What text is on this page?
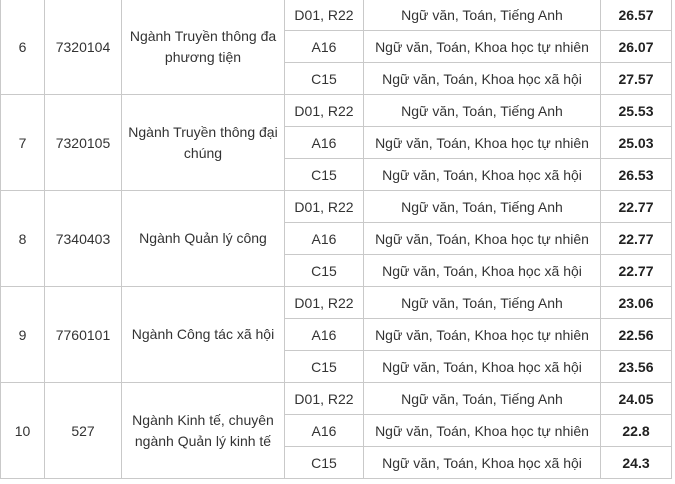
6	7320104	Ngành Truyền thông đa phương tiện	D01, R22	Ngữ văn, Toán, Tiếng Anh	26.57
			A16	Ngữ văn, Toán, Khoa học tự nhiên	26.07
			C15	Ngữ văn, Toán, Khoa học xã hội	27.57
7	7320105	Ngành Truyền thông đại chúng	D01, R22	Ngữ văn, Toán, Tiếng Anh	25.53
			A16	Ngữ văn, Toán, Khoa học tự nhiên	25.03
			C15	Ngữ văn, Toán, Khoa học xã hội	26.53
8	7340403	Ngành Quản lý công	D01, R22	Ngữ văn, Toán, Tiếng Anh	22.77
			A16	Ngữ văn, Toán, Khoa học tự nhiên	22.77
			C15	Ngữ văn, Toán, Khoa học xã hội	22.77
9	7760101	Ngành Công tác xã hội	D01, R22	Ngữ văn, Toán, Tiếng Anh	23.06
			A16	Ngữ văn, Toán, Khoa học tự nhiên	22.56
			C15	Ngữ văn, Toán, Khoa học xã hội	23.56
10	527	Ngành Kinh tế, chuyên ngành Quản lý kinh tế	D01, R22	Ngữ văn, Toán, Tiếng Anh	24.05
			A16	Ngữ văn, Toán, Khoa học tự nhiên	22.8
			C15	Ngữ văn, Toán, Khoa học xã hội	24.3
